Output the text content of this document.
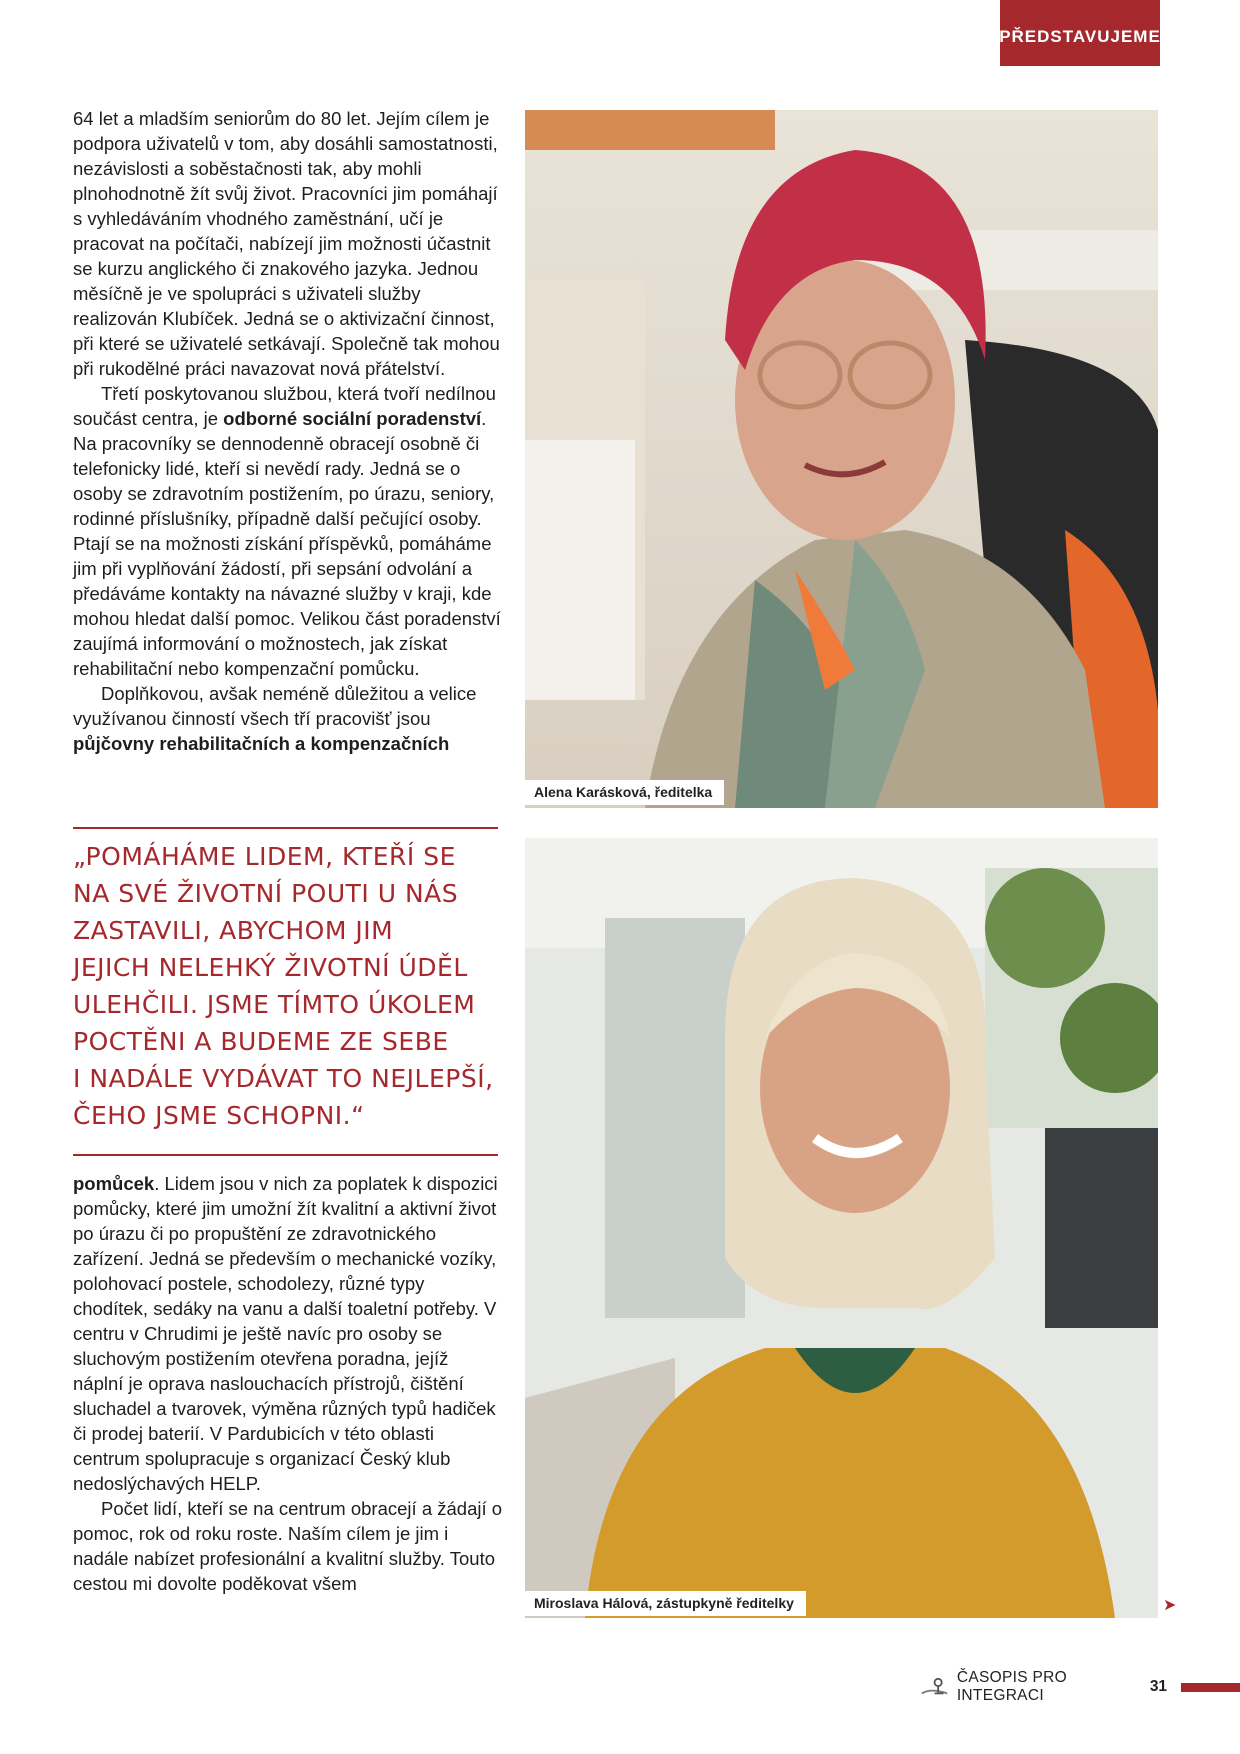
PŘEDSTAVUJEME

64 let a mladším seniorům do 80 let. Jejím cílem je podpora uživatelů v tom, aby dosáhli samostatnosti, nezávislosti a soběstačnosti tak, aby mohli plnohodnotně žít svůj život. Pracovníci jim pomáhají s vyhledáváním vhodného zaměstnání, učí je pracovat na počítači, nabízejí jim možnosti účastnit se kurzu anglického či znakového jazyka. Jednou měsíčně je ve spolupráci s uživateli služby realizován Klubíček. Jedná se o aktivizační činnost, při které se uživatelé setkávají. Společně tak mohou při rukodělné práci navazovat nová přátelství.

Třetí poskytovanou službou, která tvoří nedílnou součást centra, je odborné sociální poradenství. Na pracovníky se dennodenně obracejí osobně či telefonicky lidé, kteří si nevědí rady. Jedná se o osoby se zdravotním postižením, po úrazu, seniory, rodinné příslušníky, případně další pečující osoby. Ptají se na možnosti získání příspěvků, pomáháme jim při vyplňování žádostí, při sepsání odvolání a předáváme kontakty na návazné služby v kraji, kde mohou hledat další pomoc. Velikou část poradenství zaujímá informování o možnostech, jak získat rehabilitační nebo kompenzační pomůcku.

Doplňkovou, avšak neméně důležitou a velice využívanou činností všech tří pracovišť jsou půjčovny rehabilitačních a kompenzačních

„POMÁHÁME LIDEM, KTEŘÍ SE
NA SVÉ ŽIVOTNÍ POUTI U NÁS
ZASTAVILI, ABYCHOM JIM
JEJICH NELEHKÝ ŽIVOTNÍ ÚDĚL
ULEHČILI. JSME TÍMTO ÚKOLEM
POCTĚNI A BUDEME ZE SEBE
I NADÁLE VYDÁVAT TO NEJLEPŠÍ,
ČEHO JSME SCHOPNI.“

pomůcek. Lidem jsou v nich za poplatek k dispozici pomůcky, které jim umožní žít kvalitní a aktivní život po úrazu či po propuštění ze zdravotnického zařízení. Jedná se především o mechanické vozíky, polohovací postele, schodolezy, různé typy chodítek, sedáky na vanu a další toaletní potřeby. V centru v Chrudimi je ještě navíc pro osoby se sluchovým postižením otevřena poradna, jejíž náplní je oprava naslouchacích přístrojů, čištění sluchadel a tvarovek, výměna různých typů hadiček či prodej baterií. V Pardubicích v této oblasti centrum spolupracuje s organizací Český klub nedoslýchavých HELP.

Počet lidí, kteří se na centrum obracejí a žádají o pomoc, rok od roku roste. Naším cílem je jim i nadále nabízet profesionální a kvalitní služby. Touto cestou mi dovolte poděkovat všem

Alena Karásková, ředitelka
Miroslava Hálová, zástupkyně ředitelky	➤
ČASOPIS PRO INTEGRACI
31
